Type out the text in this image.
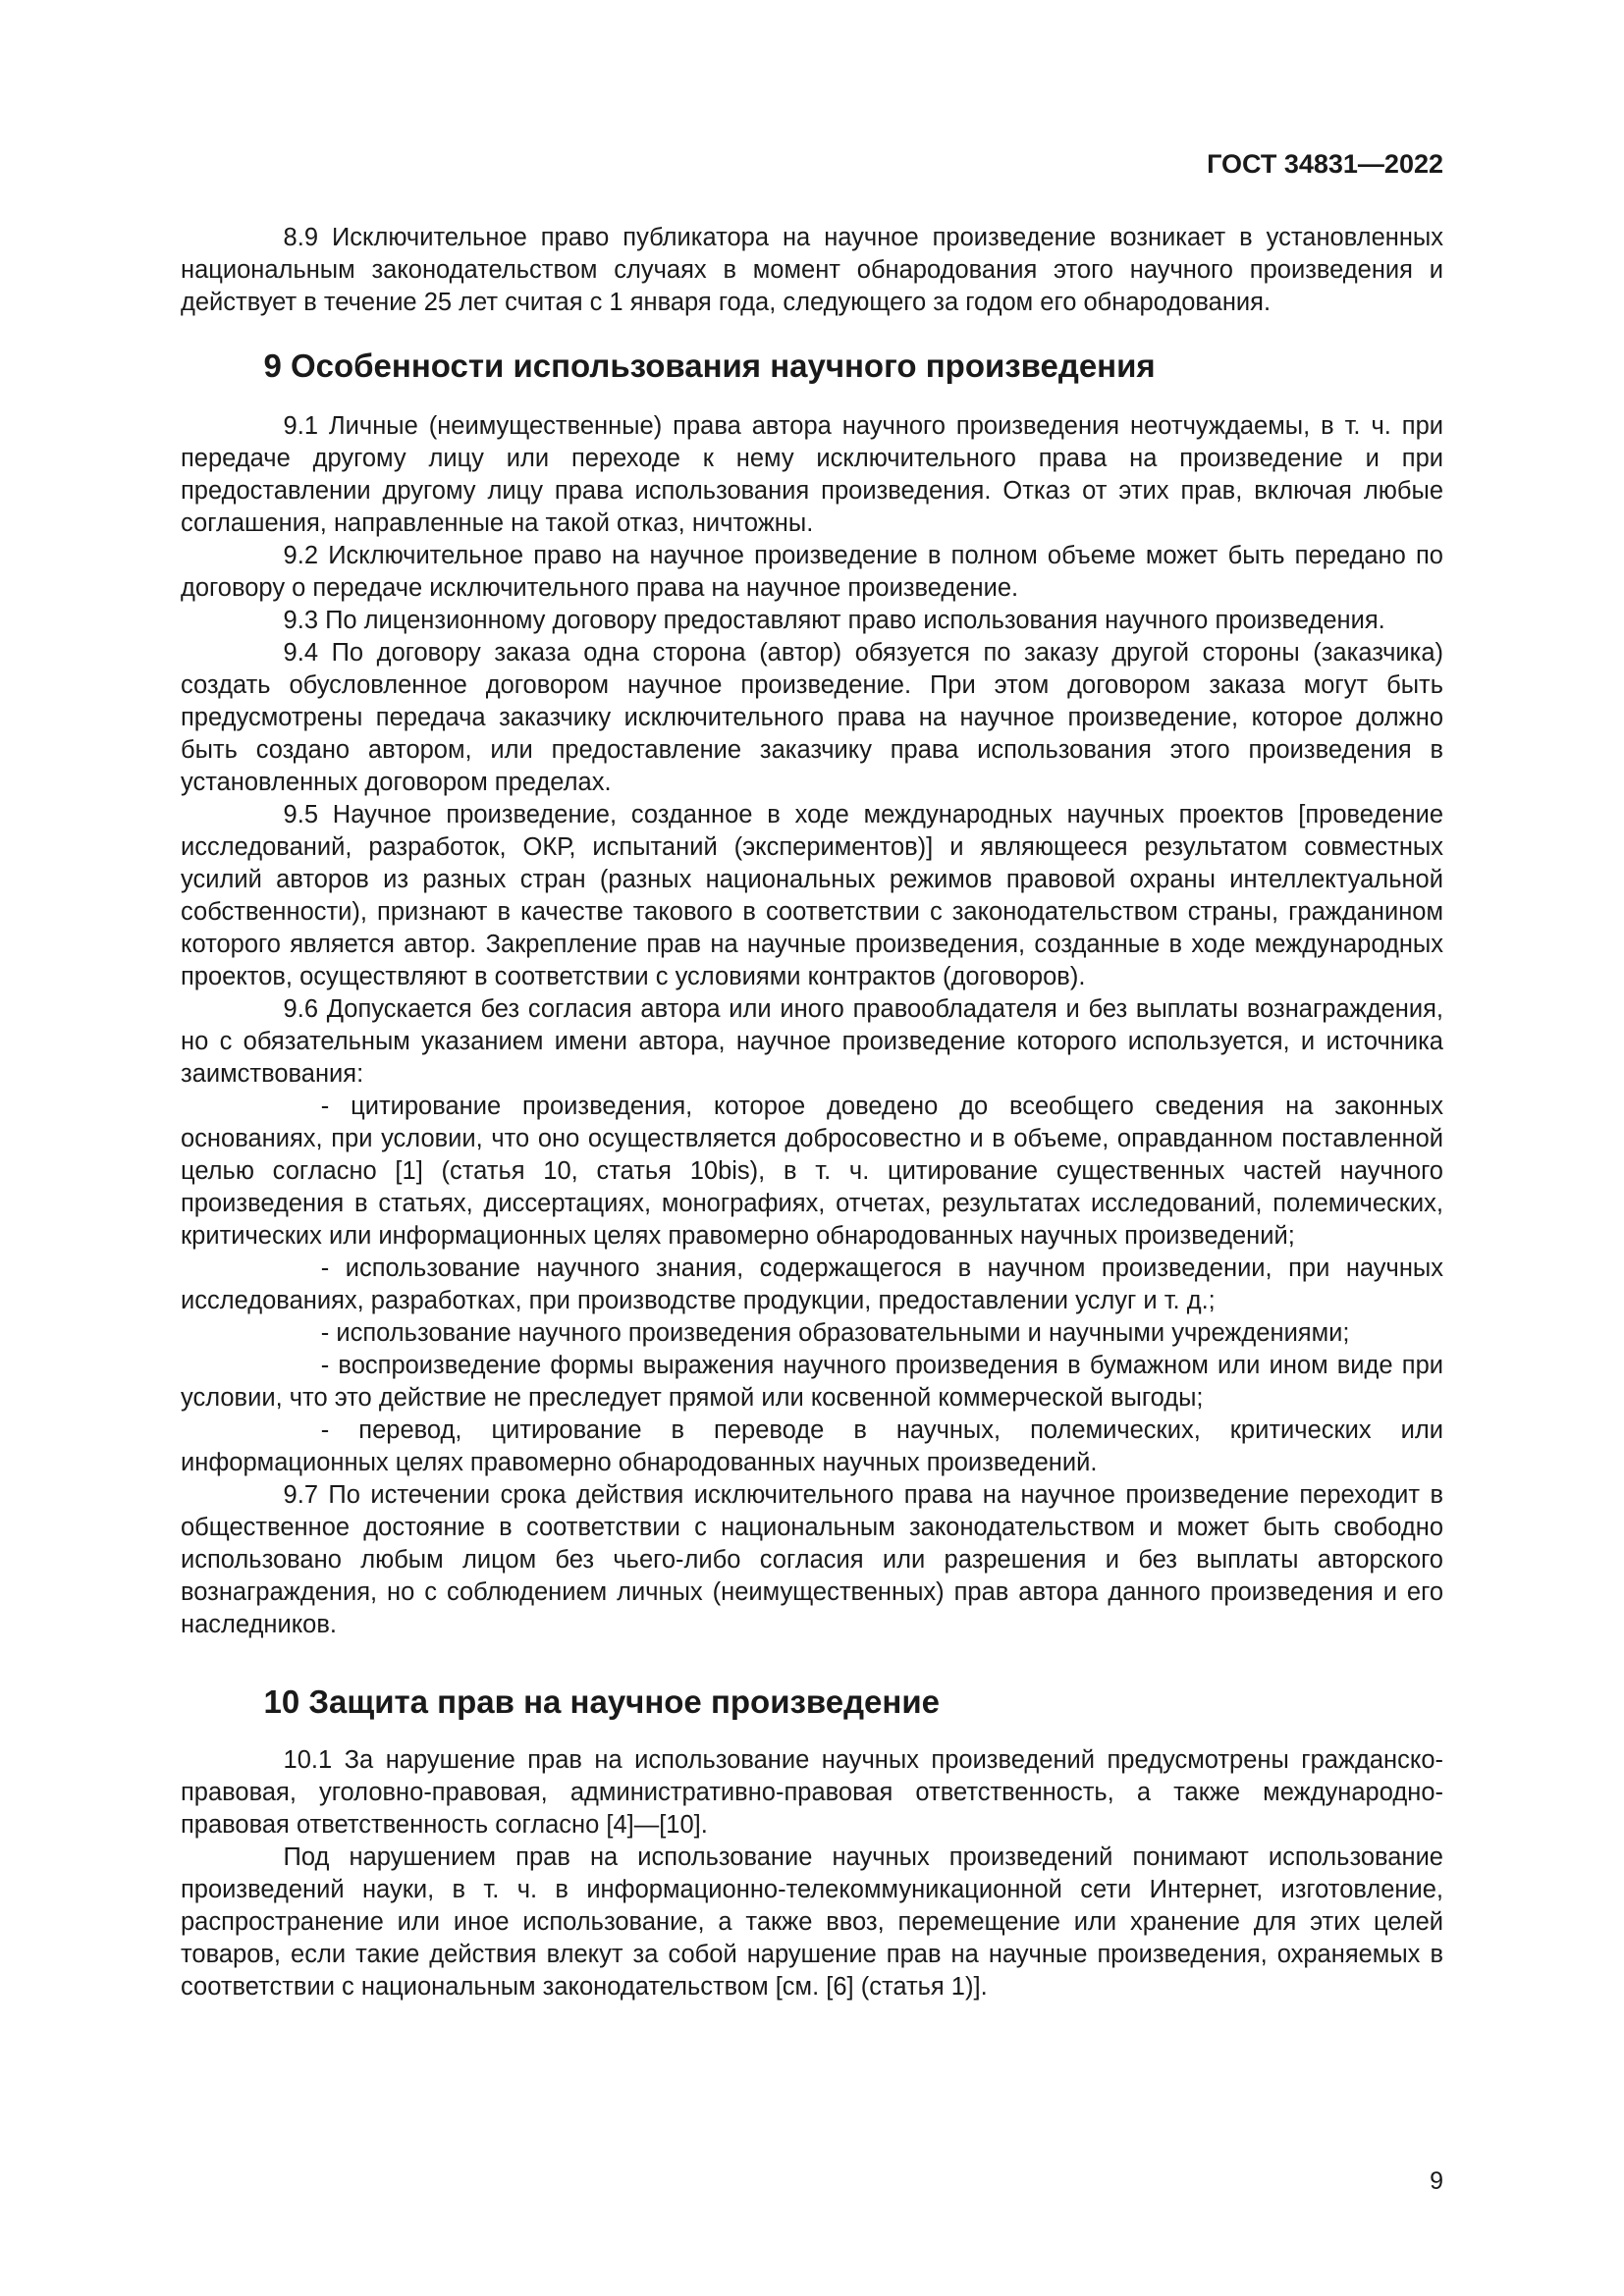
ГОСТ 34831—2022

8.9 Исключительное право публикатора на научное произведение возникает в установленных национальным законодательством случаях в момент обнародования этого научного произведения и действует в течение 25 лет считая с 1 января года, следующего за годом его обнародования.

9 Особенности использования научного произведения

9.1 Личные (неимущественные) права автора научного произведения неотчуждаемы, в т. ч. при передаче другому лицу или переходе к нему исключительного права на произведение и при предоставлении другому лицу права использования произведения. Отказ от этих прав, включая любые соглашения, направленные на такой отказ, ничтожны.

9.2 Исключительное право на научное произведение в полном объеме может быть передано по договору о передаче исключительного права на научное произведение.

9.3 По лицензионному договору предоставляют право использования научного произведения.

9.4 По договору заказа одна сторона (автор) обязуется по заказу другой стороны (заказчика) создать обусловленное договором научное произведение. При этом договором заказа могут быть предусмотрены передача заказчику исключительного права на научное произведение, которое должно быть создано автором, или предоставление заказчику права использования этого произведения в установленных договором пределах.

9.5 Научное произведение, созданное в ходе международных научных проектов [проведение исследований, разработок, ОКР, испытаний (экспериментов)] и являющееся результатом совместных усилий авторов из разных стран (разных национальных режимов правовой охраны интеллектуальной собственности), признают в качестве такового в соответствии с законодательством страны, гражданином которого является автор. Закрепление прав на научные произведения, созданные в ходе международных проектов, осуществляют в соответствии с условиями контрактов (договоров).

9.6 Допускается без согласия автора или иного правообладателя и без выплаты вознаграждения, но с обязательным указанием имени автора, научное произведение которого используется, и источника заимствования:

- цитирование произведения, которое доведено до всеобщего сведения на законных основаниях, при условии, что оно осуществляется добросовестно и в объеме, оправданном поставленной целью согласно [1] (статья 10, статья 10bis), в т. ч. цитирование существенных частей научного произведения в статьях, диссертациях, монографиях, отчетах, результатах исследований, полемических, критических или информационных целях правомерно обнародованных научных произведений;

- использование научного знания, содержащегося в научном произведении, при научных исследованиях, разработках, при производстве продукции, предоставлении услуг и т. д.;

- использование научного произведения образовательными и научными учреждениями;

- воспроизведение формы выражения научного произведения в бумажном или ином виде при условии, что это действие не преследует прямой или косвенной коммерческой выгоды;

- перевод, цитирование в переводе в научных, полемических, критических или информационных целях правомерно обнародованных научных произведений.

9.7 По истечении срока действия исключительного права на научное произведение переходит в общественное достояние в соответствии с национальным законодательством и может быть свободно использовано любым лицом без чьего-либо согласия или разрешения и без выплаты авторского вознаграждения, но с соблюдением личных (неимущественных) прав автора данного произведения и его наследников.

10 Защита прав на научное произведение

10.1 За нарушение прав на использование научных произведений предусмотрены гражданско-правовая, уголовно-правовая, административно-правовая ответственность, а также международно-правовая ответственность согласно [4]—[10].

Под нарушением прав на использование научных произведений понимают использование произведений науки, в т. ч. в информационно-телекоммуникационной сети Интернет, изготовление, распространение или иное использование, а также ввоз, перемещение или хранение для этих целей товаров, если такие действия влекут за собой нарушение прав на научные произведения, охраняемых в соответствии с национальным законодательством [см. [6] (статья 1)].

9
